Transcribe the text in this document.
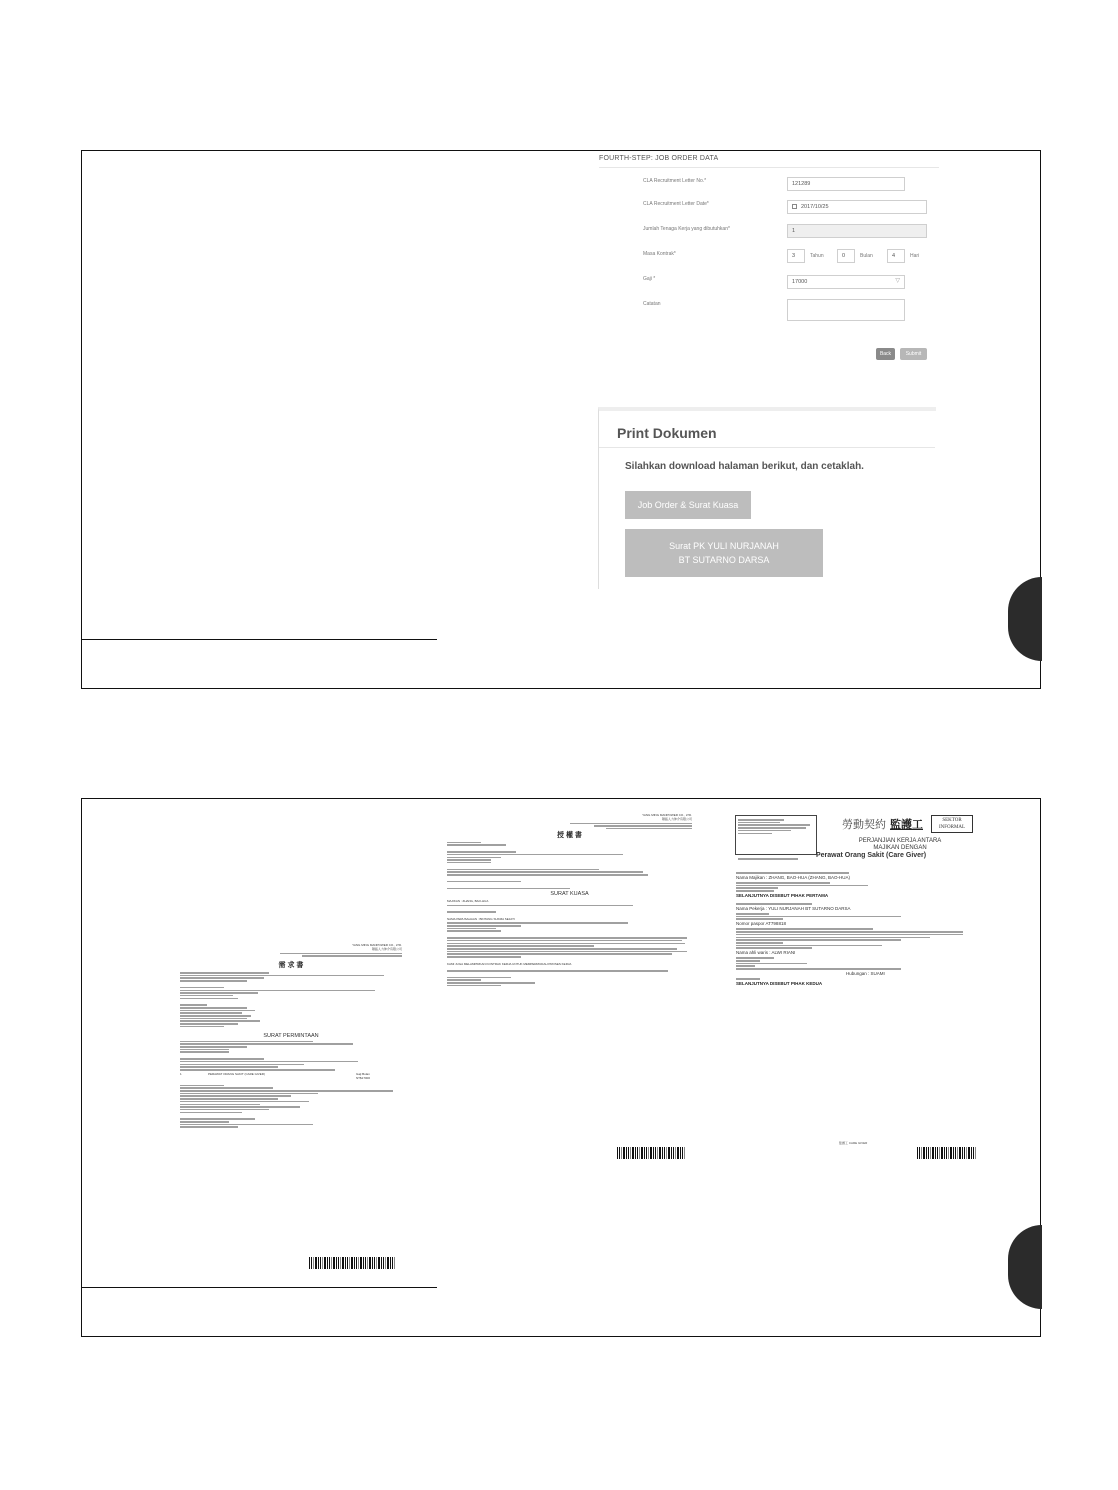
FOURTH-STEP: JOB ORDER DATA
CLA Recruitment Letter No.*	121289
CLA Recruitment Letter Date*	2017/10/25
Jumlah Tenaga Kerja yang dibutuhkan*	1
Masa Kontrak*	3	Tahun	0	Bulan	4	Hari
Gaji *	17000	▽
Catatan
Back	Submit
Print Dokumen
Silahkan download halaman berikut, dan cetaklah.
Job Order & Surat Kuasa
Surat PK YULI NURJANAH BT SUTARNO DARSA
YANG MING MANPOWER CO., LTD.
陽銘人力仲介有限公司
需 求 書
SURAT PERMINTAAN
1	PERAWAT ORANG SAKIT (CARE GIVER)	Gaji Bulan
NT$17000
YANG MING MANPOWER CO., LTD.
陽銘人力仲介有限公司
授 權 書
SURAT KUASA
MAJIKAN : ZHANG, BAO-HUA
NAMA PERUSAHAAN : BINTANG SUKMA SEJATI
KAMI JUGA MELAMPIRKAN KONTRAK KERJA UNTUK MEMPERMUDAH PROSES KERJA
SEKTOR INFORMAL
勞動契約 監護工
PERJANJIAN KERJA ANTARA
MAJIKAN DENGAN
Perawat Orang Sakit (Care Giver)
Nama Majikan : ZHANG, BAO-HUA (ZHANG, BAO-HUA)
SELANJUTNYA DISEBUT PIHAK PERTAMA
Nama Pekerja : YULI NURJANAH BT SUTARNO DARSA
Nomor paspor AT798818
Nama ahli waris : ALWI RIANI
Hubungan : SUAMI
SELANJUTNYA DISEBUT PIHAK KEDUA
監護工 CARE GIVER
